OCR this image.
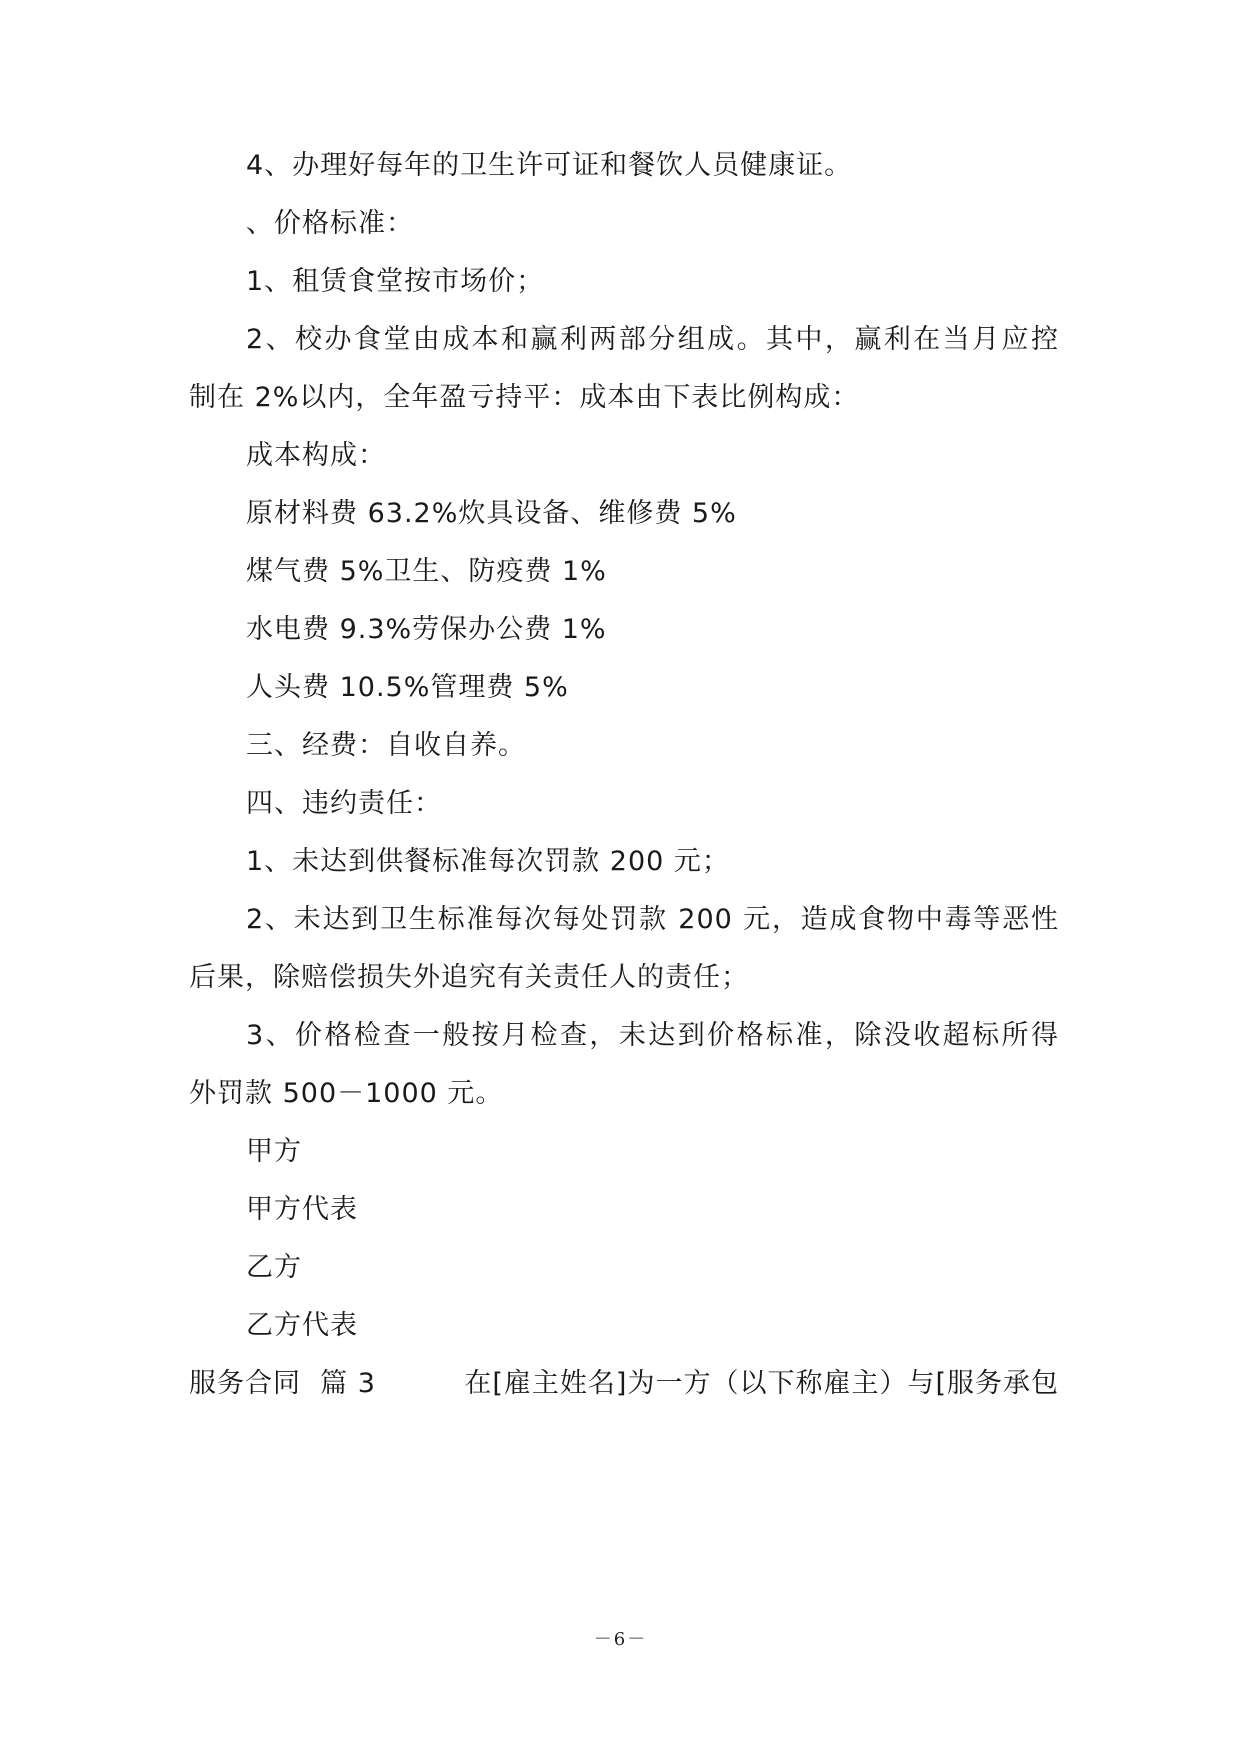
4、办理好每年的卫生许可证和餐饮人员健康证。
、价格标准：
1、租赁食堂按市场价；
2、校办食堂由成本和赢利两部分组成。其中，赢利在当月应控
制在 2%以内，全年盈亏持平：成本由下表比例构成：
成本构成：
原材料费 63.2%炊具设备、维修费 5%
煤气费 5%卫生、防疫费 1%
水电费 9.3%劳保办公费 1%
人头费 10.5%管理费 5%
三、经费：自收自养。
四、违约责任：
1、未达到供餐标准每次罚款 200 元；
2、未达到卫生标准每次每处罚款 200 元，造成食物中毒等恶性
后果，除赔偿损失外追究有关责任人的责任；
3、价格检查一般按月检查，未达到价格标准，除没收超标所得
外罚款 500－1000 元。
甲方
甲方代表
乙方
乙方代表
服务合同  篇 3	在[雇主姓名]为一方（以下称雇主）与[服务承包
－6－
